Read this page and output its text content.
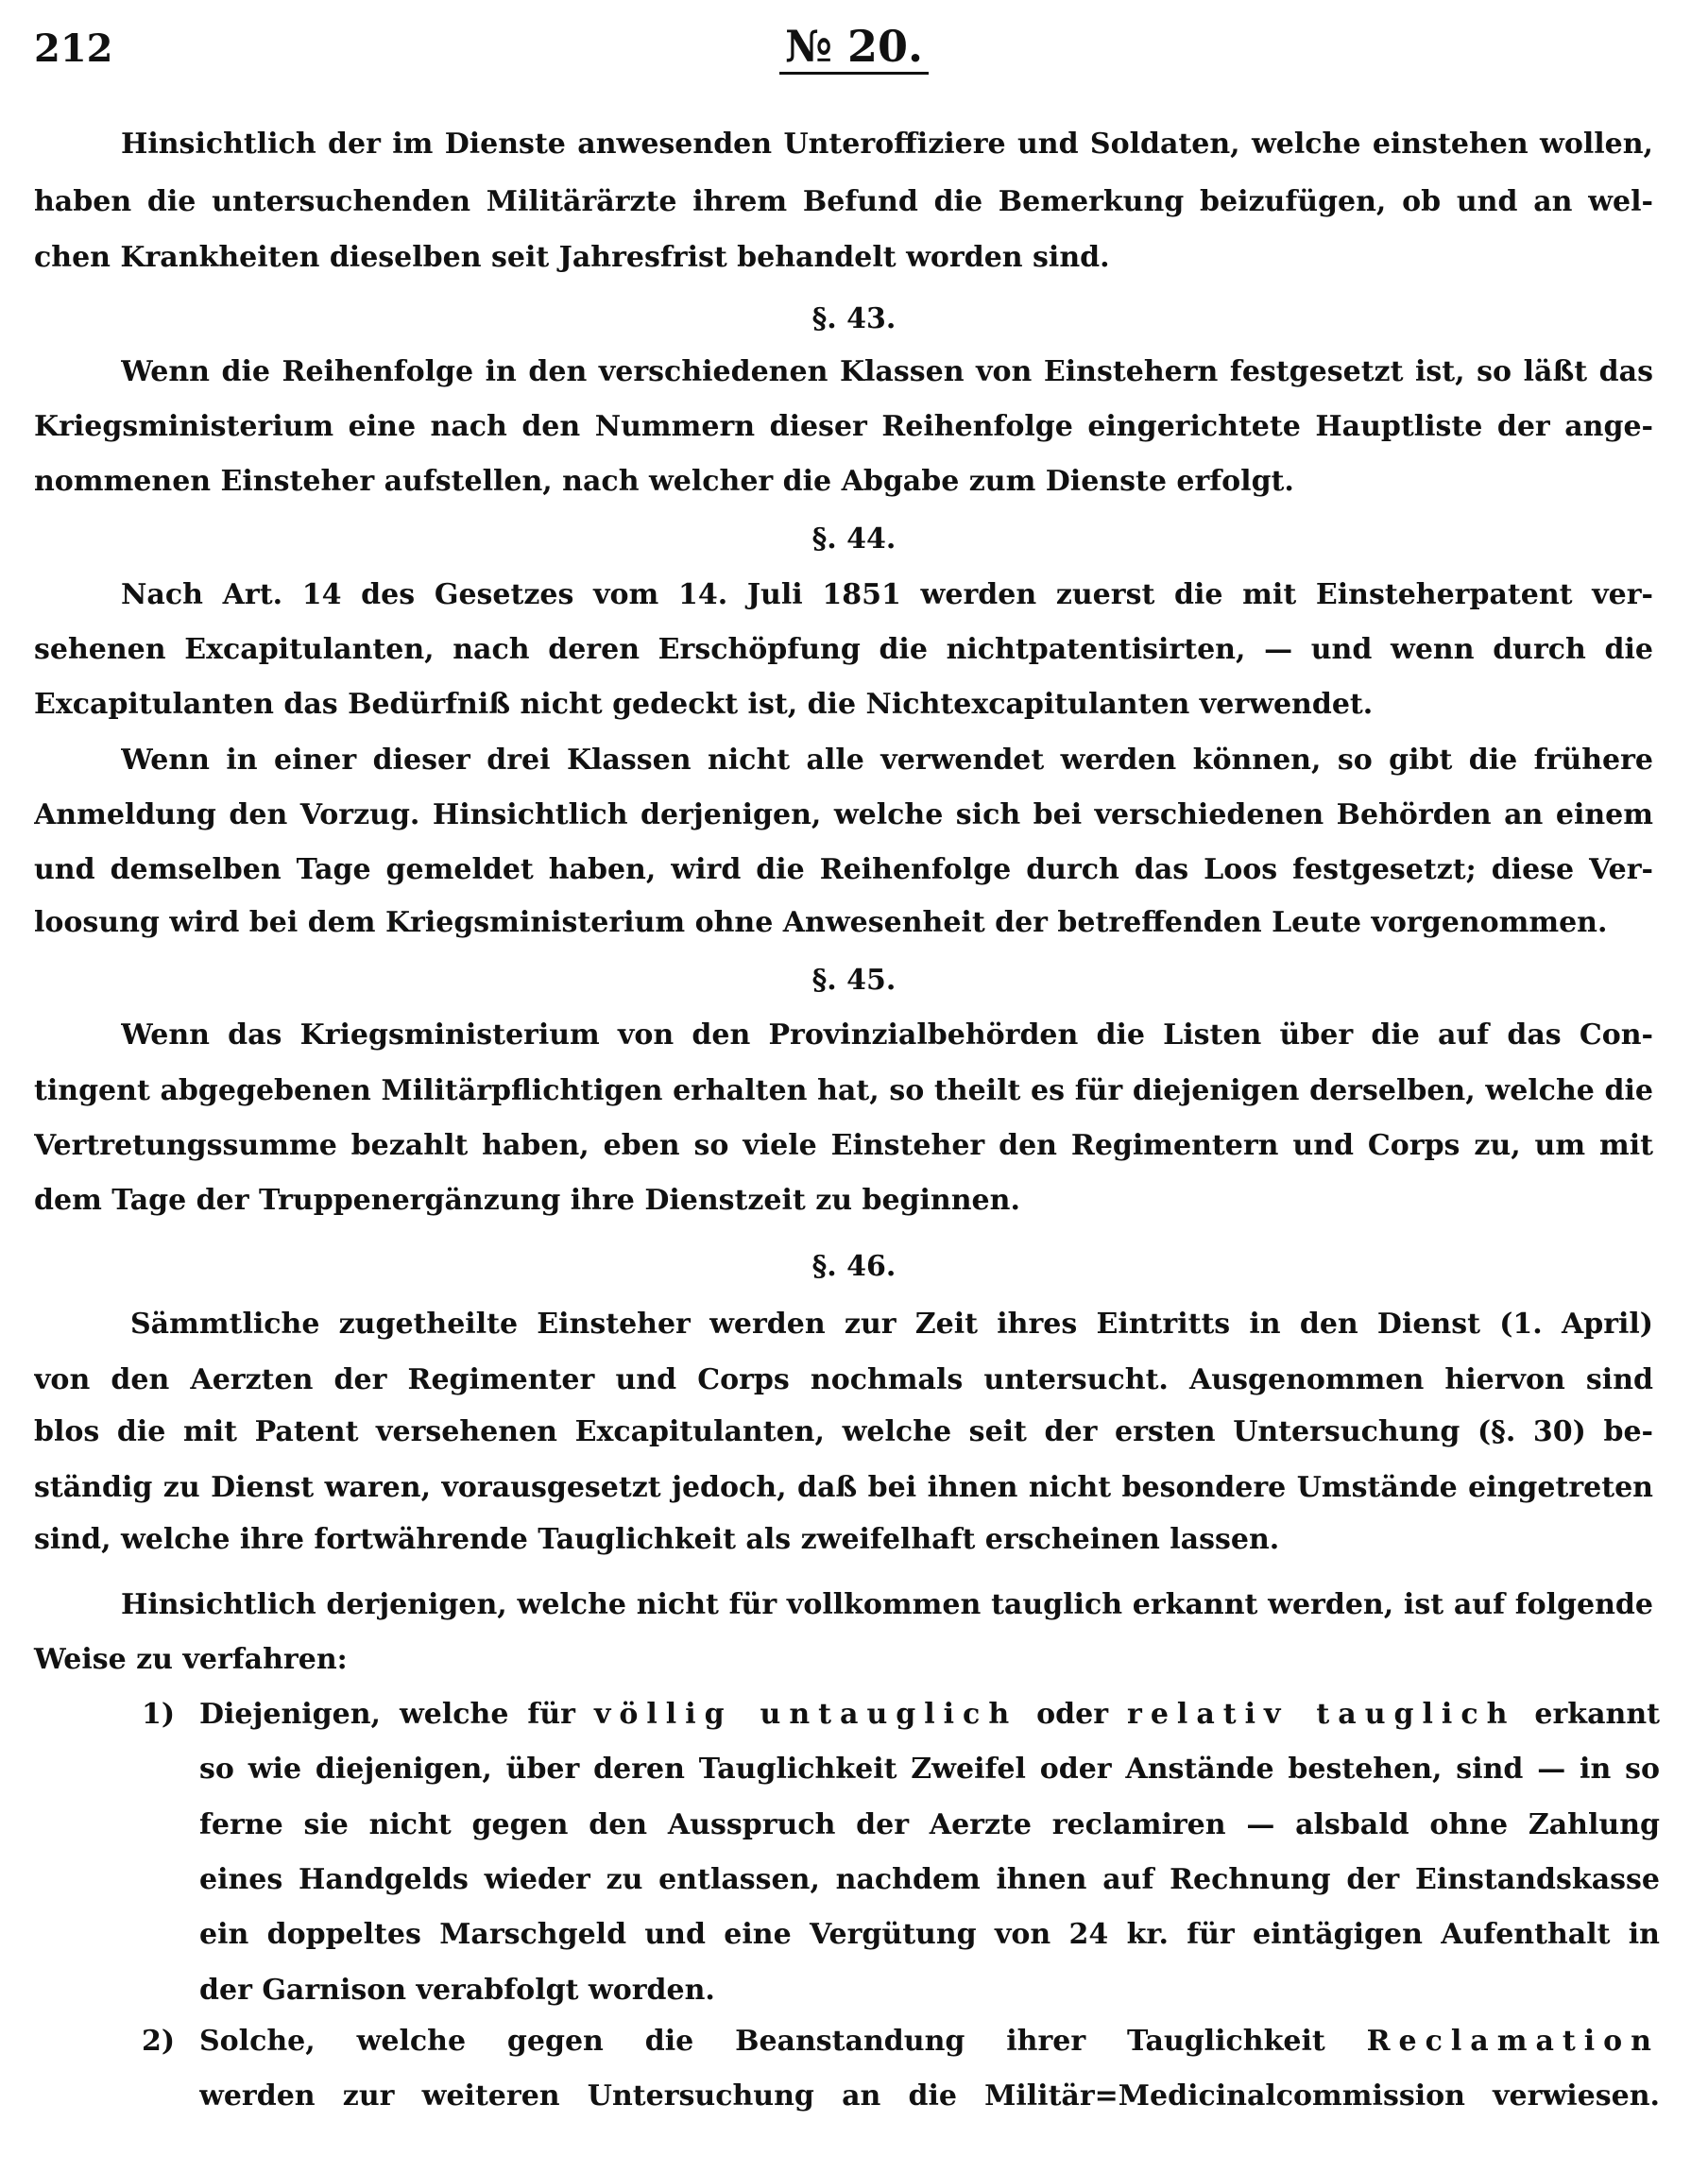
212	№ 20.
Hinsichtlich der im Dienste anwesenden Unteroffiziere und Soldaten, welche einstehen wollen,
haben die untersuchenden Militärärzte ihrem Befund die Bemerkung beizufügen, ob und an wel-
chen Krankheiten dieselben seit Jahresfrist behandelt worden sind.
§. 43.
Wenn die Reihenfolge in den verschiedenen Klassen von Einstehern festgesetzt ist, so läßt das
Kriegsministerium eine nach den Nummern dieser Reihenfolge eingerichtete Hauptliste der ange-
nommenen Einsteher aufstellen, nach welcher die Abgabe zum Dienste erfolgt.
§. 44.
Nach Art. 14 des Gesetzes vom 14. Juli 1851 werden zuerst die mit Einsteherpatent ver-
sehenen Excapitulanten, nach deren Erschöpfung die nichtpatentisirten, — und wenn durch die
Excapitulanten das Bedürfniß nicht gedeckt ist, die Nichtexcapitulanten verwendet.
Wenn in einer dieser drei Klassen nicht alle verwendet werden können, so gibt die frühere
Anmeldung den Vorzug. Hinsichtlich derjenigen, welche sich bei verschiedenen Behörden an einem
und demselben Tage gemeldet haben, wird die Reihenfolge durch das Loos festgesetzt; diese Ver-
loosung wird bei dem Kriegsministerium ohne Anwesenheit der betreffenden Leute vorgenommen.
§. 45.
Wenn das Kriegsministerium von den Provinzialbehörden die Listen über die auf das Con-
tingent abgegebenen Militärpflichtigen erhalten hat, so theilt es für diejenigen derselben, welche die
Vertretungssumme bezahlt haben, eben so viele Einsteher den Regimentern und Corps zu, um mit
dem Tage der Truppenergänzung ihre Dienstzeit zu beginnen.
§. 46.
Sämmtliche zugetheilte Einsteher werden zur Zeit ihres Eintritts in den Dienst (1. April)
von den Aerzten der Regimenter und Corps nochmals untersucht. Ausgenommen hiervon sind
blos die mit Patent versehenen Excapitulanten, welche seit der ersten Untersuchung (§. 30) be-
ständig zu Dienst waren, vorausgesetzt jedoch, daß bei ihnen nicht besondere Umstände eingetreten
sind, welche ihre fortwährende Tauglichkeit als zweifelhaft erscheinen lassen.
Hinsichtlich derjenigen, welche nicht für vollkommen tauglich erkannt werden, ist auf folgende
Weise zu verfahren:
1) Diejenigen, welche für völlig untauglich oder relativ tauglich erkannt
so wie diejenigen, über deren Tauglichkeit Zweifel oder Anstände bestehen, sind — in so
ferne sie nicht gegen den Ausspruch der Aerzte reclamiren — alsbald ohne Zahlung
eines Handgelds wieder zu entlassen, nachdem ihnen auf Rechnung der Einstandskasse
ein doppeltes Marschgeld und eine Vergütung von 24 kr. für eintägigen Aufenthalt in
der Garnison verabfolgt worden.
2) Solche, welche gegen die Beanstandung ihrer Tauglichkeit Reclamation
werden zur weiteren Untersuchung an die Militär=Medicinalcommission verwiesen.
